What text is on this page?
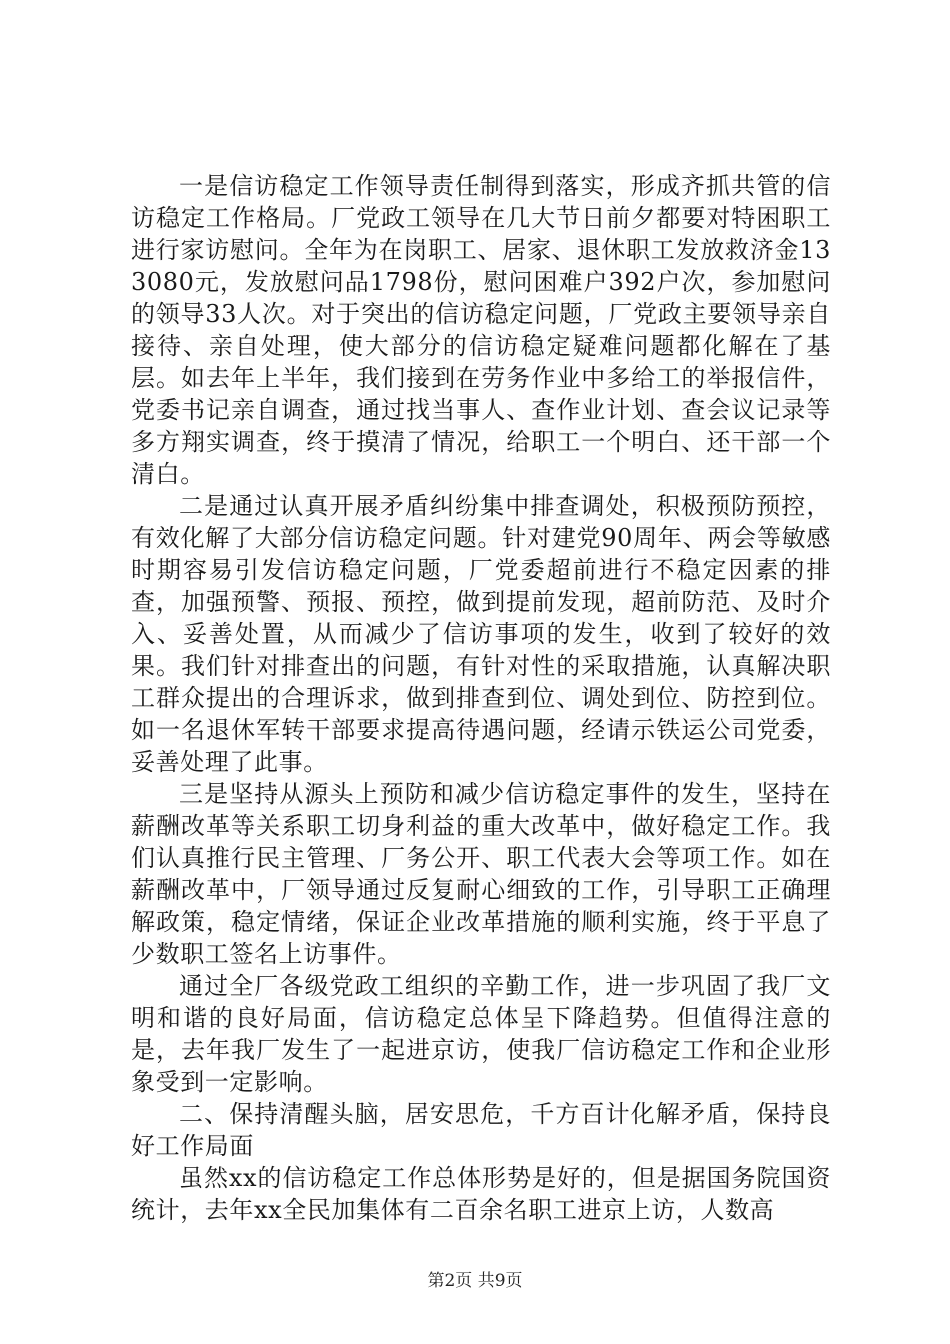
一是信访稳定工作领导责任制得到落实，形成齐抓共管的信访稳定工作格局。厂党政工领导在几大节日前夕都要对特困职工进行家访慰问。全年为在岗职工、居家、退休职工发放救济金133080元，发放慰问品1798份，慰问困难户392户次，参加慰问的领导33人次。对于突出的信访稳定问题，厂党政主要领导亲自接待、亲自处理，使大部分的信访稳定疑难问题都化解在了基层。如去年上半年，我们接到在劳务作业中多给工的举报信件，党委书记亲自调查，通过找当事人、查作业计划、查会议记录等多方翔实调查，终于摸清了情况，给职工一个明白、还干部一个清白。

二是通过认真开展矛盾纠纷集中排查调处，积极预防预控，有效化解了大部分信访稳定问题。针对建党90周年、两会等敏感时期容易引发信访稳定问题，厂党委超前进行不稳定因素的排查，加强预警、预报、预控，做到提前发现，超前防范、及时介入、妥善处置，从而减少了信访事项的发生，收到了较好的效果。我们针对排查出的问题，有针对性的采取措施，认真解决职工群众提出的合理诉求，做到排查到位、调处到位、防控到位。如一名退休军转干部要求提高待遇问题，经请示铁运公司党委，妥善处理了此事。

三是坚持从源头上预防和减少信访稳定事件的发生，坚持在薪酬改革等关系职工切身利益的重大改革中，做好稳定工作。我们认真推行民主管理、厂务公开、职工代表大会等项工作。如在薪酬改革中，厂领导通过反复耐心细致的工作，引导职工正确理解政策，稳定情绪，保证企业改革措施的顺利实施，终于平息了少数职工签名上访事件。

通过全厂各级党政工组织的辛勤工作，进一步巩固了我厂文明和谐的良好局面，信访稳定总体呈下降趋势。但值得注意的是，去年我厂发生了一起进京访，使我厂信访稳定工作和企业形象受到一定影响。

二、保持清醒头脑，居安思危，千方百计化解矛盾，保持良好工作局面

虽然xx的信访稳定工作总体形势是好的，但是据国务院国资统计，去年xx全民加集体有二百余名职工进京上访，人数高

第2页 共9页
